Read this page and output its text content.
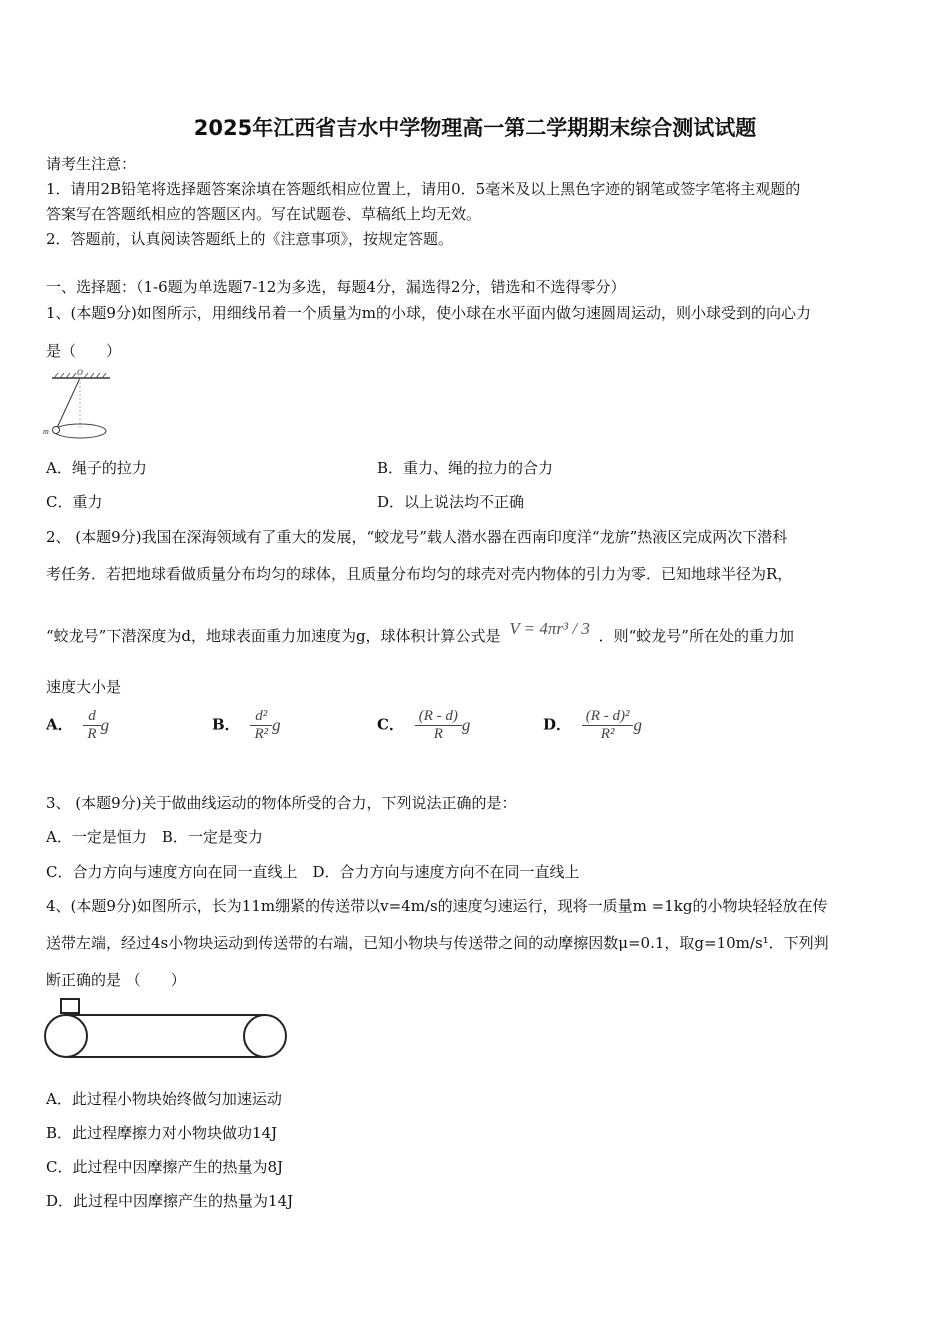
2025年江西省吉水中学物理高一第二学期期末综合测试试题
请考生注意：
1．请用2B铅笔将选择题答案涂填在答题纸相应位置上，请用0．5毫米及以上黑色字迹的钢笔或签字笔将主观题的
答案写在答题纸相应的答题区内。写在试题卷、草稿纸上均无效。
2．答题前，认真阅读答题纸上的《注意事项》，按规定答题。
一、选择题：（1-6题为单选题7-12为多选，每题4分，漏选得2分，错选和不选得零分）
1、(本题9分)如图所示，用细线吊着一个质量为m的小球，使小球在水平面内做匀速圆周运动，则小球受到的向心力
是（　　）
O
m
A．绳子的拉力	B．重力、绳的拉力的合力
C．重力	D．以上说法均不正确
2、 (本题9分)我国在深海领域有了重大的发展，“蛟龙号”载人潜水器在西南印度洋“龙旂”热液区完成两次下潜科
考任务．若把地球看做质量分布均匀的球体，且质量分布均匀的球壳对壳内物体的引力为零．已知地球半径为R，
“蛟龙号”下潜深度为d，地球表面重力加速度为g，球体积计算公式是 V = 4πr³ / 3 ．则“蛟龙号”所在处的重力加
速度大小是
A． $\frac{d}{R}$ g	B． $\frac{\text{d²}}{\text{R²}}$ g	C． $\frac{(R - d)}{R}$ g	D． $\frac{\text{(R - d)²}}{\text{R²}}$ g
3、 (本题9分)关于做曲线运动的物体所受的合力，下列说法正确的是：
A．一定是恒力　B．一定是变力
C．合力方向与速度方向在同一直线上　D．合力方向与速度方向不在同一直线上
4、(本题9分)如图所示，长为11m绷紧的传送带以v=4m/s的速度匀速运行，现将一质量m =1kg的小物块轻轻放在传
送带左端，经过4s小物块运动到传送带的右端，已知小物块与传送带之间的动摩擦因数μ=0.1，取g=10m/s¹．下列判
断正确的是 （　　）
A．此过程小物块始终做匀加速运动
B．此过程摩擦力对小物块做功14J
C．此过程中因摩擦产生的热量为8J
D．此过程中因摩擦产生的热量为14J
